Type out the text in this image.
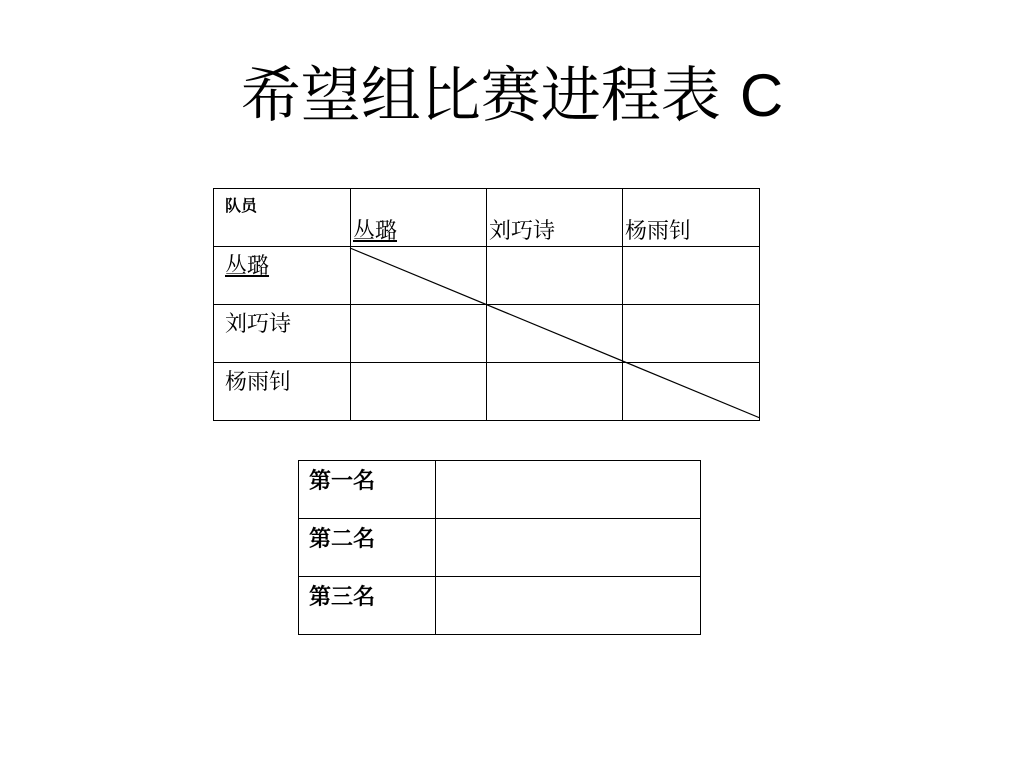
希望组比赛进程表 C
队员	丛璐	刘巧诗	杨雨钊

丛璐			

刘巧诗			

杨雨钊			

第一名	

第二名	

第三名	
